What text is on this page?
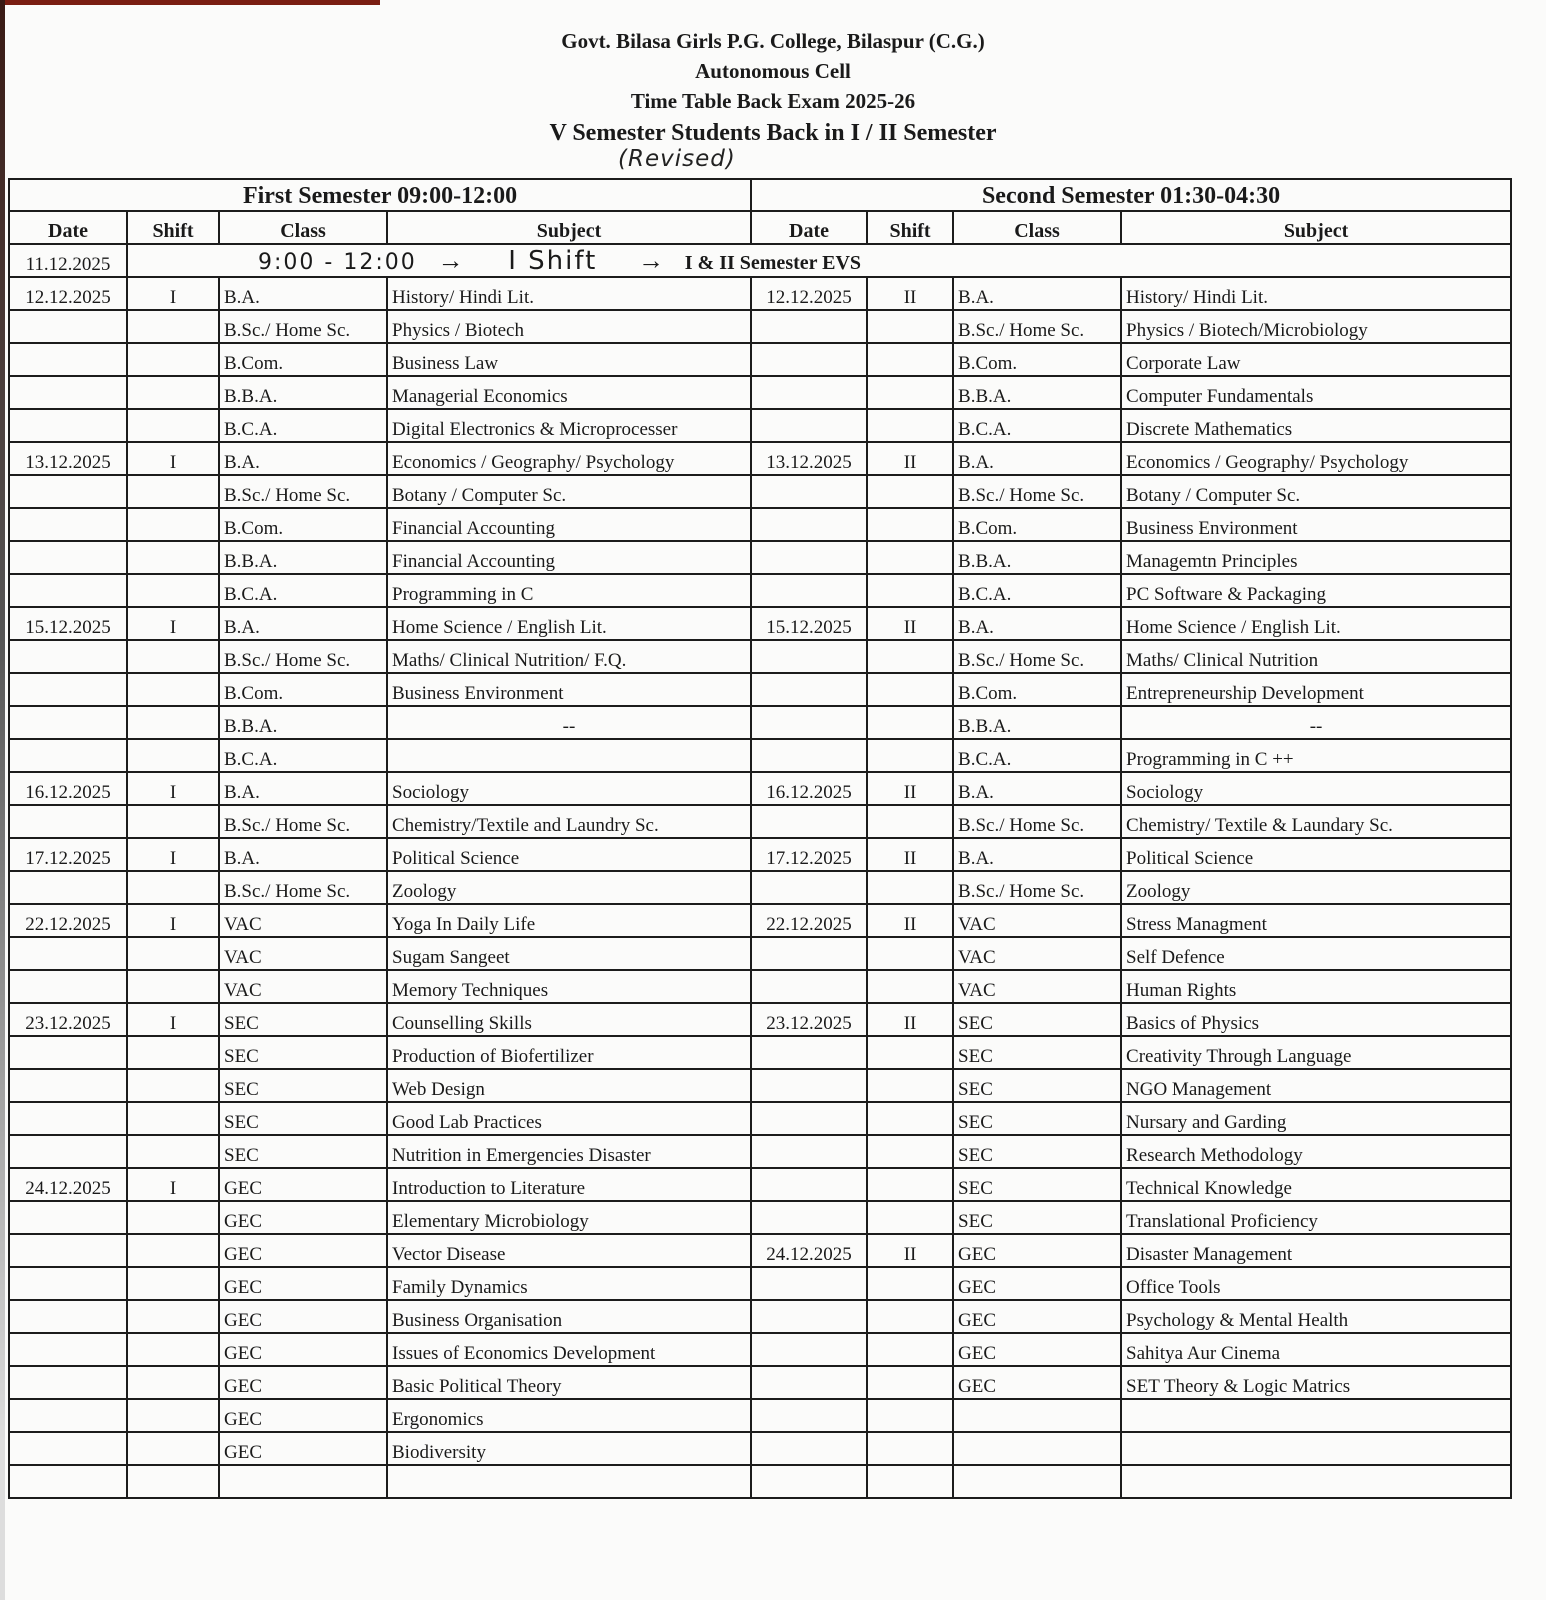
Govt. Bilasa Girls P.G. College, Bilaspur (C.G.)
Autonomous Cell
Time Table Back Exam 2025-26
V Semester Students Back in I / II Semester
(Revised)
First Semester 09:00-12:00				Second Semester 01:30-04:30			
Date	Shift	Class	Subject	Date	Shift	Class	Subject
11.12.2025	9:00 - 12:00 → I Shift → I & II Semester EVS						
12.12.2025	I	B.A.	History/ Hindi Lit.	12.12.2025	II	B.A.	History/ Hindi Lit.
		B.Sc./ Home Sc.	Physics / Biotech			B.Sc./ Home Sc.	Physics / Biotech/Microbiology
		B.Com.	Business Law			B.Com.	Corporate Law
		B.B.A.	Managerial Economics			B.B.A.	Computer Fundamentals
		B.C.A.	Digital Electronics & Microprocesser			B.C.A.	Discrete Mathematics
13.12.2025	I	B.A.	Economics / Geography/ Psychology	13.12.2025	II	B.A.	Economics / Geography/ Psychology
		B.Sc./ Home Sc.	Botany / Computer Sc.			B.Sc./ Home Sc.	Botany / Computer Sc.
		B.Com.	Financial Accounting			B.Com.	Business Environment
		B.B.A.	Financial Accounting			B.B.A.	Managemtn Principles
		B.C.A.	Programming in C			B.C.A.	PC Software & Packaging
15.12.2025	I	B.A.	Home Science / English Lit.	15.12.2025	II	B.A.	Home Science / English Lit.
		B.Sc./ Home Sc.	Maths/ Clinical Nutrition/ F.Q.			B.Sc./ Home Sc.	Maths/ Clinical Nutrition
		B.Com.	Business Environment			B.Com.	Entrepreneurship Development
		B.B.A.	--			B.B.A.	--
		B.C.A.				B.C.A.	Programming in C ++
16.12.2025	I	B.A.	Sociology	16.12.2025	II	B.A.	Sociology
		B.Sc./ Home Sc.	Chemistry/Textile and Laundry Sc.			B.Sc./ Home Sc.	Chemistry/ Textile & Laundary Sc.
17.12.2025	I	B.A.	Political Science	17.12.2025	II	B.A.	Political Science
		B.Sc./ Home Sc.	Zoology			B.Sc./ Home Sc.	Zoology
22.12.2025	I	VAC	Yoga In Daily Life	22.12.2025	II	VAC	Stress Managment
		VAC	Sugam Sangeet			VAC	Self Defence
		VAC	Memory Techniques			VAC	Human Rights
23.12.2025	I	SEC	Counselling Skills	23.12.2025	II	SEC	Basics of Physics
		SEC	Production of Biofertilizer			SEC	Creativity Through Language
		SEC	Web Design			SEC	NGO Management
		SEC	Good Lab Practices			SEC	Nursary and Garding
		SEC	Nutrition in Emergencies Disaster			SEC	Research Methodology
24.12.2025	I	GEC	Introduction to Literature			SEC	Technical Knowledge
		GEC	Elementary Microbiology			SEC	Translational Proficiency
		GEC	Vector Disease	24.12.2025	II	GEC	Disaster Management
		GEC	Family Dynamics			GEC	Office Tools
		GEC	Business Organisation			GEC	Psychology & Mental Health
		GEC	Issues of Economics Development			GEC	Sahitya Aur Cinema
		GEC	Basic Political Theory			GEC	SET Theory & Logic Matrics
		GEC	Ergonomics				
		GEC	Biodiversity				
